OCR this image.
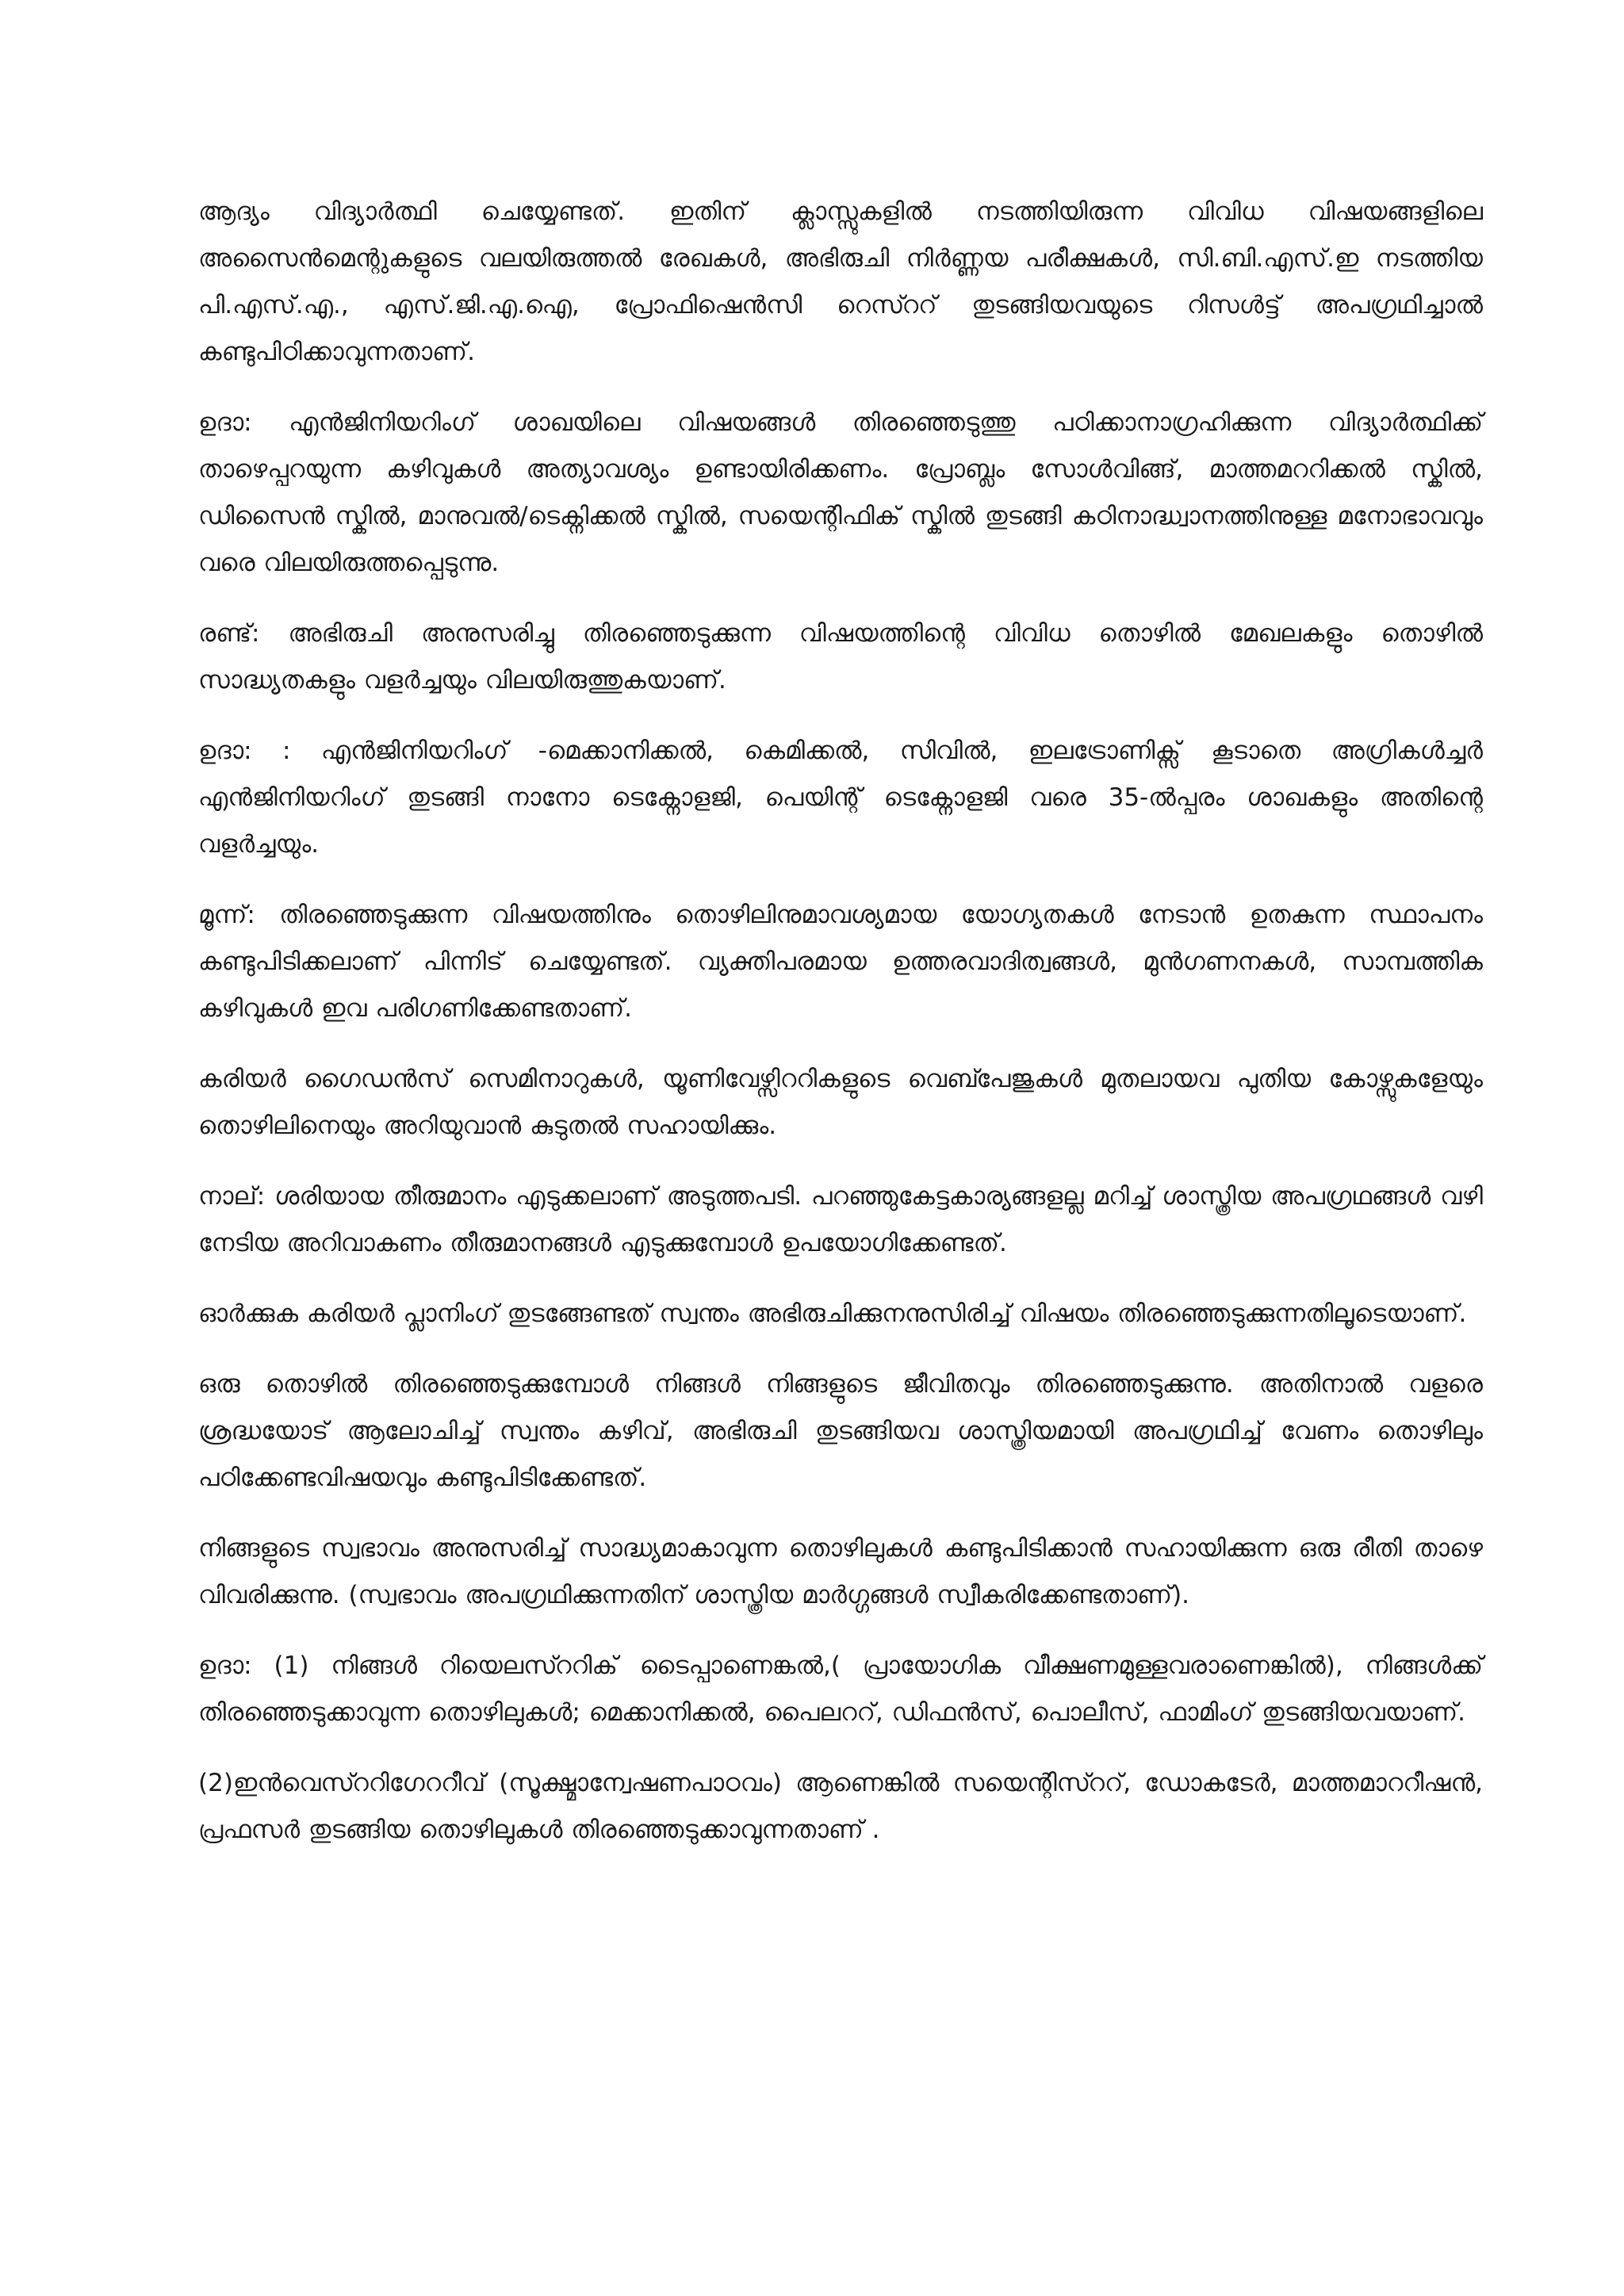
ആദ്യം വിദ്യാർത്ഥി ചെയ്യേണ്ടത്. ഇതിന് ക്ലാസ്സുകളിൽ നടത്തിയിരുന്ന വിവിധ വിഷയങ്ങളിലെ അസൈൻമെന്റുകളുടെ വലയിരുത്തൽ രേഖകൾ, അഭിരുചി നിർണ്ണയ പരീക്ഷകൾ, സി.ബി.എസ്.ഇ നടത്തിയ പി.എസ്.എ., എസ്.ജി.എ.ഐ, പ്രോഫിഷെൻസി റെസ്ററ് തുടങ്ങിയവയുടെ റിസൾട്ട് അപഗ്രഥിച്ചാൽ കണ്ടുപിഠിക്കാവുന്നതാണ്.

ഉദാ: എൻജിനിയറിംഗ് ശാഖയിലെ വിഷയങ്ങൾ തിരഞ്ഞെടുത്തു പഠിക്കാനാഗ്രഹിക്കുന്ന വിദ്യാർത്ഥിക്ക് താഴെപ്പറയുന്ന കഴിവുകൾ അത്യാവശ്യം ഉണ്ടായിരിക്കണം. പ്രോബ്ലം സോൾവിങ്ങ്, മാത്തമററിക്കൽ സ്കിൽ, ഡിസൈൻ സ്കിൽ, മാനുവൽ/ടെക്നിക്കൽ സ്കിൽ, സയെന്റിഫിക് സ്കിൽ തുടങ്ങി കഠിനാദ്ധ്വാനത്തിനുള്ള മനോഭാവവും വരെ വിലയിരുത്തപ്പെടുന്നു.

രണ്ട്: അഭിരുചി അനുസരിച്ചു തിരഞ്ഞെടുക്കുന്ന വിഷയത്തിന്റെ വിവിധ തൊഴിൽ മേഖലകളും തൊഴിൽ സാദ്ധ്യതകളും വളർച്ചയും വിലയിരുത്തുകയാണ്.

ഉദാ: : എൻജിനിയറിംഗ് -മെക്കാനിക്കൽ, കെമിക്കൽ, സിവിൽ, ഇലട്രോണിക്സ് കൂടാതെ അഗ്രികൾച്ചർ എൻജിനിയറിംഗ് തുടങ്ങി നാനോ ടെക്നോളജി, പെയിന്റ് ടെക്നോളജി വരെ 35-ൽപ്പരം ശാഖകളും അതിന്റെ വളർച്ചയും.

മൂന്ന്: തിരഞ്ഞെടുക്കുന്ന വിഷയത്തിനും തൊഴിലിനുമാവശ്യമായ യോഗ്യതകൾ നേടാൻ ഉതകുന്ന സ്ഥാപനം കണ്ടുപിടിക്കലാണ് പിന്നിട് ചെയ്യേണ്ടത്. വ്യക്തിപരമായ ഉത്തരവാദിത്വങ്ങൾ, മുൻഗണനകൾ, സാമ്പത്തിക കഴിവുകൾ ഇവ പരിഗണിക്കേണ്ടതാണ്.

കരിയർ ഗൈഡൻസ് സെമിനാറുകൾ, യൂണിവേഴ്സിററികളുടെ വെബ്പേജുകൾ മുതലായവ പുതിയ കോഴ്സുകളേയും തൊഴിലിനെയും അറിയുവാൻ കുടുതൽ സഹായിക്കും.

നാല്: ശരിയായ തീരുമാനം എടുക്കലാണ് അടുത്തപടി. പറഞ്ഞുകേട്ടകാര്യങ്ങളല്ല മറിച്ച് ശാസ്ത്രിയ അപഗ്രഥങ്ങൾ വഴി നേടിയ അറിവാകണം തീരുമാനങ്ങൾ എടുക്കുമ്പോൾ ഉപയോഗിക്കേണ്ടത്.

ഓർക്കുക കരിയർ പ്ലാനിംഗ് തുടങ്ങേണ്ടത് സ്വന്തം അഭിരുചിക്കുനനുസിരിച്ച് വിഷയം തിരഞ്ഞെടുക്കുന്നതിലൂടെയാണ്.

ഒരു തൊഴിൽ തിരഞ്ഞെടുക്കുമ്പോൾ നിങ്ങൾ നിങ്ങളുടെ ജീവിതവും തിരഞ്ഞെടുക്കുന്നു. അതിനാൽ വളരെ ശ്രദ്ധയോട് ആലോചിച്ച് സ്വന്തം കഴിവ്, അഭിരുചി തുടങ്ങിയവ ശാസ്ത്രിയമായി അപഗ്രഥിച്ച് വേണം തൊഴിലും പഠിക്കേണ്ടവിഷയവും കണ്ടുപിടിക്കേണ്ടത്.

നിങ്ങളുടെ സ്വഭാവം അനുസരിച്ച് സാദ്ധ്യമാകാവുന്ന തൊഴിലുകൾ കണ്ടുപിടിക്കാൻ സഹായിക്കുന്ന ഒരു രീതി താഴെ വിവരിക്കുന്നു. (സ്വഭാവം അപഗ്രഥിക്കുന്നതിന് ശാസ്ത്രിയ മാർഗ്ഗങ്ങൾ സ്വീകരിക്കേണ്ടതാണ്).

ഉദാ: (1) നിങ്ങൾ റിയെലസ്ററിക് ടൈപ്പാണെങ്കൽ,( പ്രായോഗിക വീക്ഷണമുള്ളവരാണെങ്കിൽ), നിങ്ങൾക്ക് തിരഞ്ഞെടുക്കാവുന്ന തൊഴിലുകൾ; മെക്കാനിക്കൽ, പൈലററ്, ഡിഫൻസ്, പൊലീസ്, ഫാമിംഗ് തുടങ്ങിയവയാണ്.

(2)ഇൻവെസ്ററിഗേററീവ് (സൂക്ഷ്മാന്വേഷണപാഠവം) ആണെങ്കിൽ സയെന്റിസ്ററ്, ഡോകടേർ, മാത്തമാററീഷൻ, പ്രഫസർ തുടങ്ങിയ തൊഴിലുകൾ തിരഞ്ഞെടുക്കാവുന്നതാണ് .
